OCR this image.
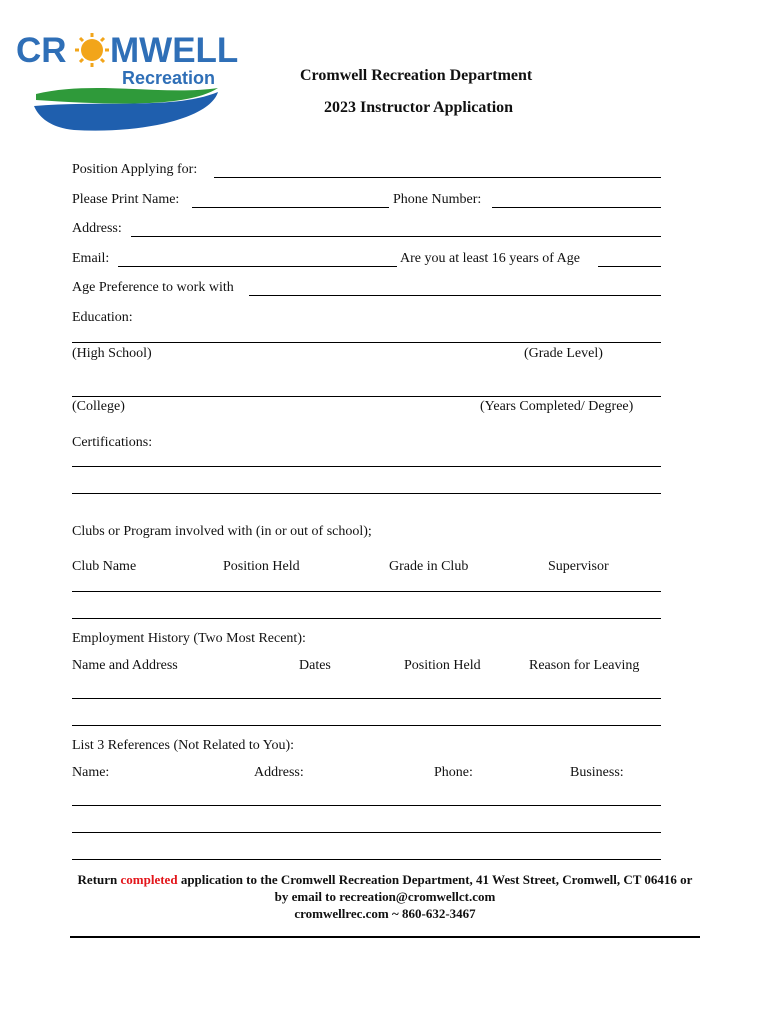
CR MWELL
Recreation	Cromwell Recreation Department
2023 Instructor Application
Position Applying for:
Please Print Name:	Phone Number:
Address:
Email:	Are you at least 16 years of Age
Age Preference to work with
Education:
(High School)	(Grade Level)
(College)	(Years Completed/ Degree)
Certifications:
Clubs or Program involved with (in or out of school);
Club Name	Position Held	Grade in Club	Supervisor
Employment History (Two Most Recent):
Name and Address	Dates	Position Held	Reason for Leaving
List 3 References (Not Related to You):
Name:	Address:	Phone:	Business:
Return completed application to the Cromwell Recreation Department, 41 West Street, Cromwell, CT 06416 or by email to recreation@cromwellct.com
cromwellrec.com ~ 860-632-3467
